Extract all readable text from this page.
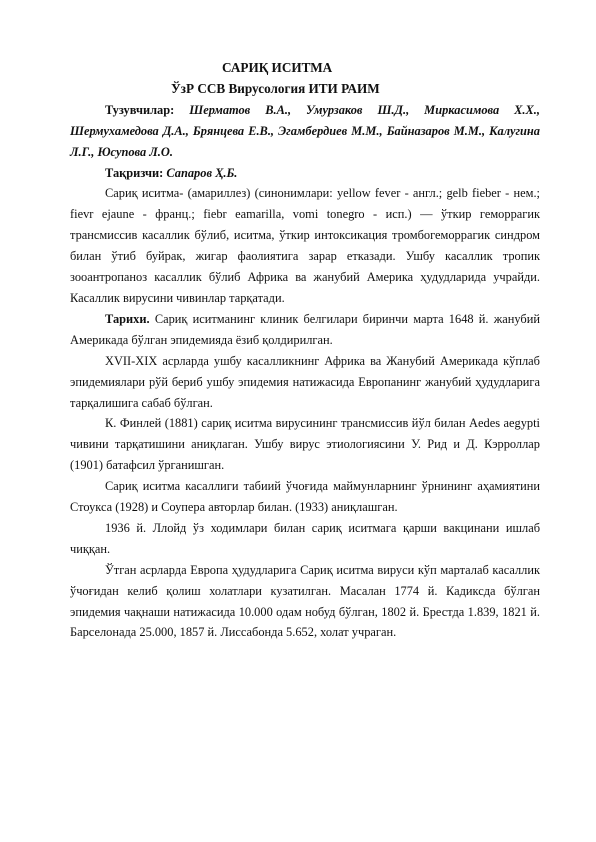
САРИҚ ИСИТМА
ЎзР ССВ Вирусология ИТИ РАИМ

Тузувчилар: Шерматов В.А., Умурзаков Ш.Д., Миркасимова Х.Х., Шермухамедова Д.А., Брянцева Е.В., Эгамбердиев М.М., Байназаров М.М., Калугина Л.Г., Юсупова Л.О.

Тақризчи: Сапаров Ҳ.Б.

Сариқ иситма- (амариллез) (синонимлари: yellow fever - англ.; gelb fieber - нем.; fievr ejaune - франц.; fiebr eamarilla, vomi tonegro - исп.) — ўткир геморрагик трансмиссив касаллик бўлиб, иситма, ўткир интоксикация тромбогеморрагик синдром билан ўтиб буйрак, жигар фаолиятига зарар етказади. Ушбу касаллик тропик зооантропаноз касаллик бўлиб Африка ва жанубий Америка ҳудудларида учрайди. Касаллик вирусини чивинлар тарқатади.

Тарихи. Сариқ иситманинг клиник белгилари биринчи марта 1648 й. жанубий Америкада бўлган эпидемияда ёзиб қолдирилган.

XVII-XIX асрларда ушбу касалликнинг Африка ва Жанубий Америкада кўплаб эпидемиялари рўй бериб ушбу эпидемия натижасида Европанинг жанубий ҳудудларига тарқалишига сабаб бўлган.

К. Финлей (1881) сариқ иситма вирусининг трансмиссив йўл билан Aedes aegypti чивини тарқатишини аниқлаган. Ушбу вирус этиологиясини У. Рид и Д. Кэрроллар (1901) батафсил ўрганишган.

Сариқ иситма касаллиги табиий ўчоғида маймунларнинг ўрнининг аҳамиятини Стоукса (1928) и Соупера авторлар билан. (1933) аниқлашган.

1936 й. Ллойд ўз ходимлари билан сариқ иситмага қарши вакцинани ишлаб чиққан.

Ўтган асрларда Европа ҳудудларига Сариқ иситма вируси кўп марталаб касаллик ўчоғидан келиб қолиш холатлари кузатилган. Масалан 1774 й. Кадиксда бўлган эпидемия чақнаши натижасида 10.000 одам нобуд бўлган, 1802 й. Брестда 1.839, 1821 й. Барселонада 25.000, 1857 й. Лиссабонда 5.652, холат учраган.
